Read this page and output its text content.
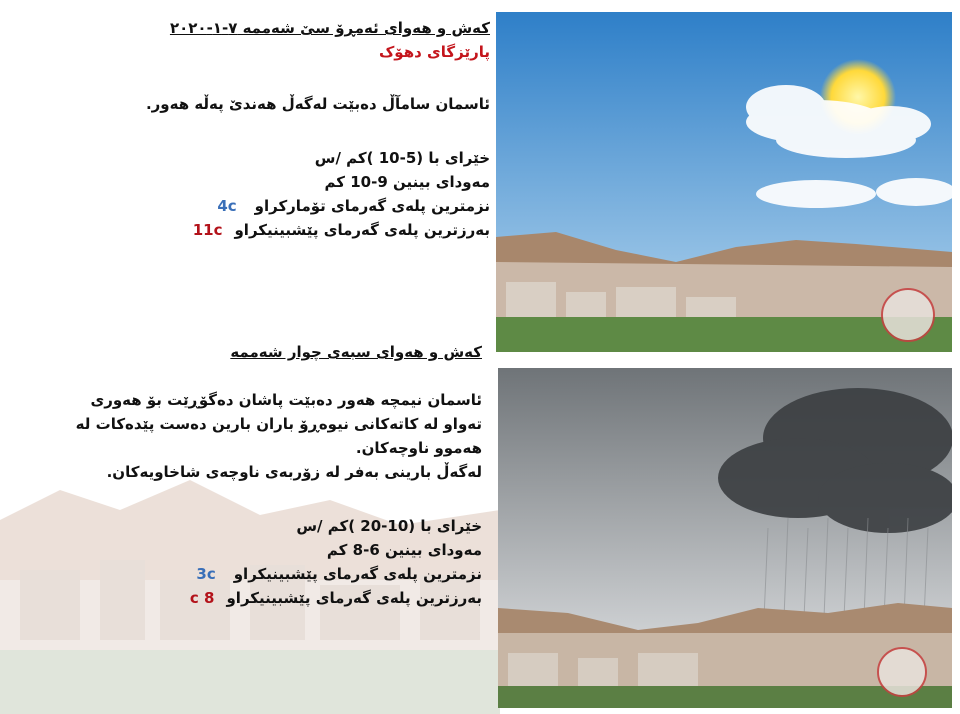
کەش و هەوای ئەمڕۆ سێ شەممە ٧-١-٢٠٢٠
پارێزگای دهۆک
ئاسمان سامآڵ دەبێت لەگەڵ هەندێ پەڵە هەور.
خێرای با (5-10 )کم /س
مەودای بینین 9-10 کم
نزمترین پلەی گەرمای تۆمارکراو
4c
بەرزترین پلەی گەرمای پێشبینیکراو
11c
کەش و هەوای سبەی چوار شەممە
ئاسمان نیمچە هەور دەبێت پاشان دەگۆڕێت بۆ هەوری
تەواو لە کاتەکانی نیوەڕۆ باران بارین دەست پێدەکات لە
هەموو ناوچەکان.
لەگەڵ بارینی بەفر لە زۆربەی ناوچەی شاخاویەکان.
خێرای با (10-20 )کم /س
مەودای بینین 6-8 کم
نزمترین پلەی گەرمای پێشبینیکراو
3c
بەرزترین پلەی گەرمای پێشبینیکراو
8 c
